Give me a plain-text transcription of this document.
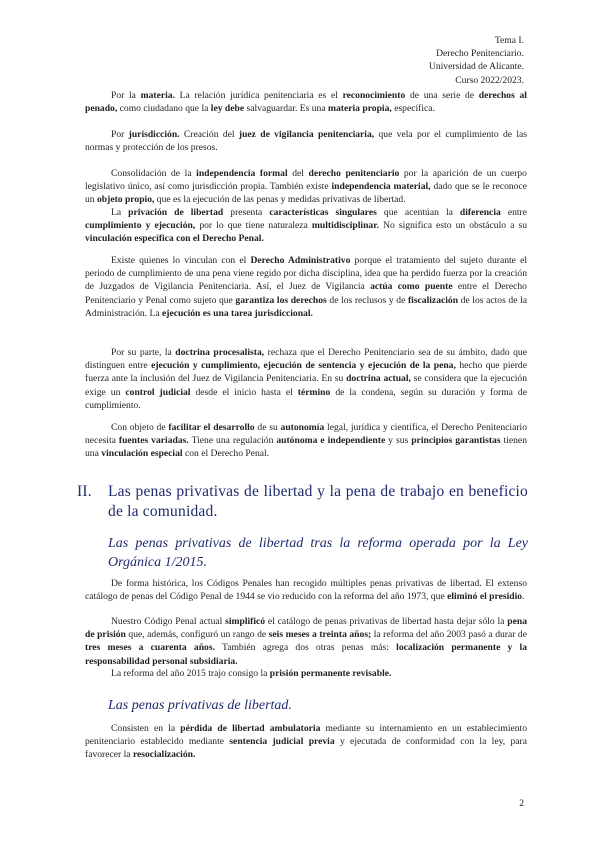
Tema I.
Derecho Penitenciario.
Universidad de Alicante.
Curso 2022/2023.
Por la materia. La relación jurídica penitenciaria es el reconocimiento de una serie de derechos al penado, como ciudadano que la ley debe salvaguardar. Es una materia propia, específica.
Por jurisdicción. Creación del juez de vigilancia penitenciaria, que vela por el cumplimiento de las normas y protección de los presos.
Consolidación de la independencia formal del derecho penitenciario por la aparición de un cuerpo legislativo único, así como jurisdicción propia. También existe independencia material, dado que se le reconoce un objeto propio, que es la ejecución de las penas y medidas privativas de libertad.
La privación de libertad presenta características singulares que acentúan la diferencia entre cumplimiento y ejecución, por lo que tiene naturaleza multidisciplinar. No significa esto un obstáculo a su vinculación específica con el Derecho Penal.
Existe quienes lo vinculan con el Derecho Administrativo porque el tratamiento del sujeto durante el periodo de cumplimiento de una pena viene regido por dicha disciplina, idea que ha perdido fuerza por la creación de Juzgados de Vigilancia Penitenciaria. Así, el Juez de Vigilancia actúa como puente entre el Derecho Penitenciario y Penal como sujeto que garantiza los derechos de los reclusos y de fiscalización de los actos de la Administración. La ejecución es una tarea jurisdiccional.
Por su parte, la doctrina procesalista, rechaza que el Derecho Penitenciario sea de su ámbito, dado que distinguen entre ejecución y cumplimiento, ejecución de sentencia y ejecución de la pena, hecho que pierde fuerza ante la inclusión del Juez de Vigilancia Penitenciaria. En su doctrina actual, se considera que la ejecución exige un control judicial desde el inicio hasta el término de la condena, según su duración y forma de cumplimiento.
Con objeto de facilitar el desarrollo de su autonomía legal, jurídica y científica, el Derecho Penitenciario necesita fuentes variadas. Tiene una regulación autónoma e independiente y sus principios garantistas tienen una vinculación especial con el Derecho Penal.
II. Las penas privativas de libertad y la pena de trabajo en beneficio de la comunidad.
Las penas privativas de libertad tras la reforma operada por la Ley Orgánica 1/2015.
De forma histórica, los Códigos Penales han recogido múltiples penas privativas de libertad. El extenso catálogo de penas del Código Penal de 1944 se vio reducido con la reforma del año 1973, que eliminó el presidio.
Nuestro Código Penal actual simplificó el catálogo de penas privativas de libertad hasta dejar sólo la pena de prisión que, además, configuró un rango de seis meses a treinta años; la reforma del año 2003 pasó a durar de tres meses a cuarenta años. También agrega dos otras penas más: localización permanente y la responsabilidad personal subsidiaria.
La reforma del año 2015 trajo consigo la prisión permanente revisable.
Las penas privativas de libertad.
Consisten en la pérdida de libertad ambulatoria mediante su internamiento en un establecimiento penitenciario establecido mediante sentencia judicial previa y ejecutada de conformidad con la ley, para favorecer la resocialización.
2
